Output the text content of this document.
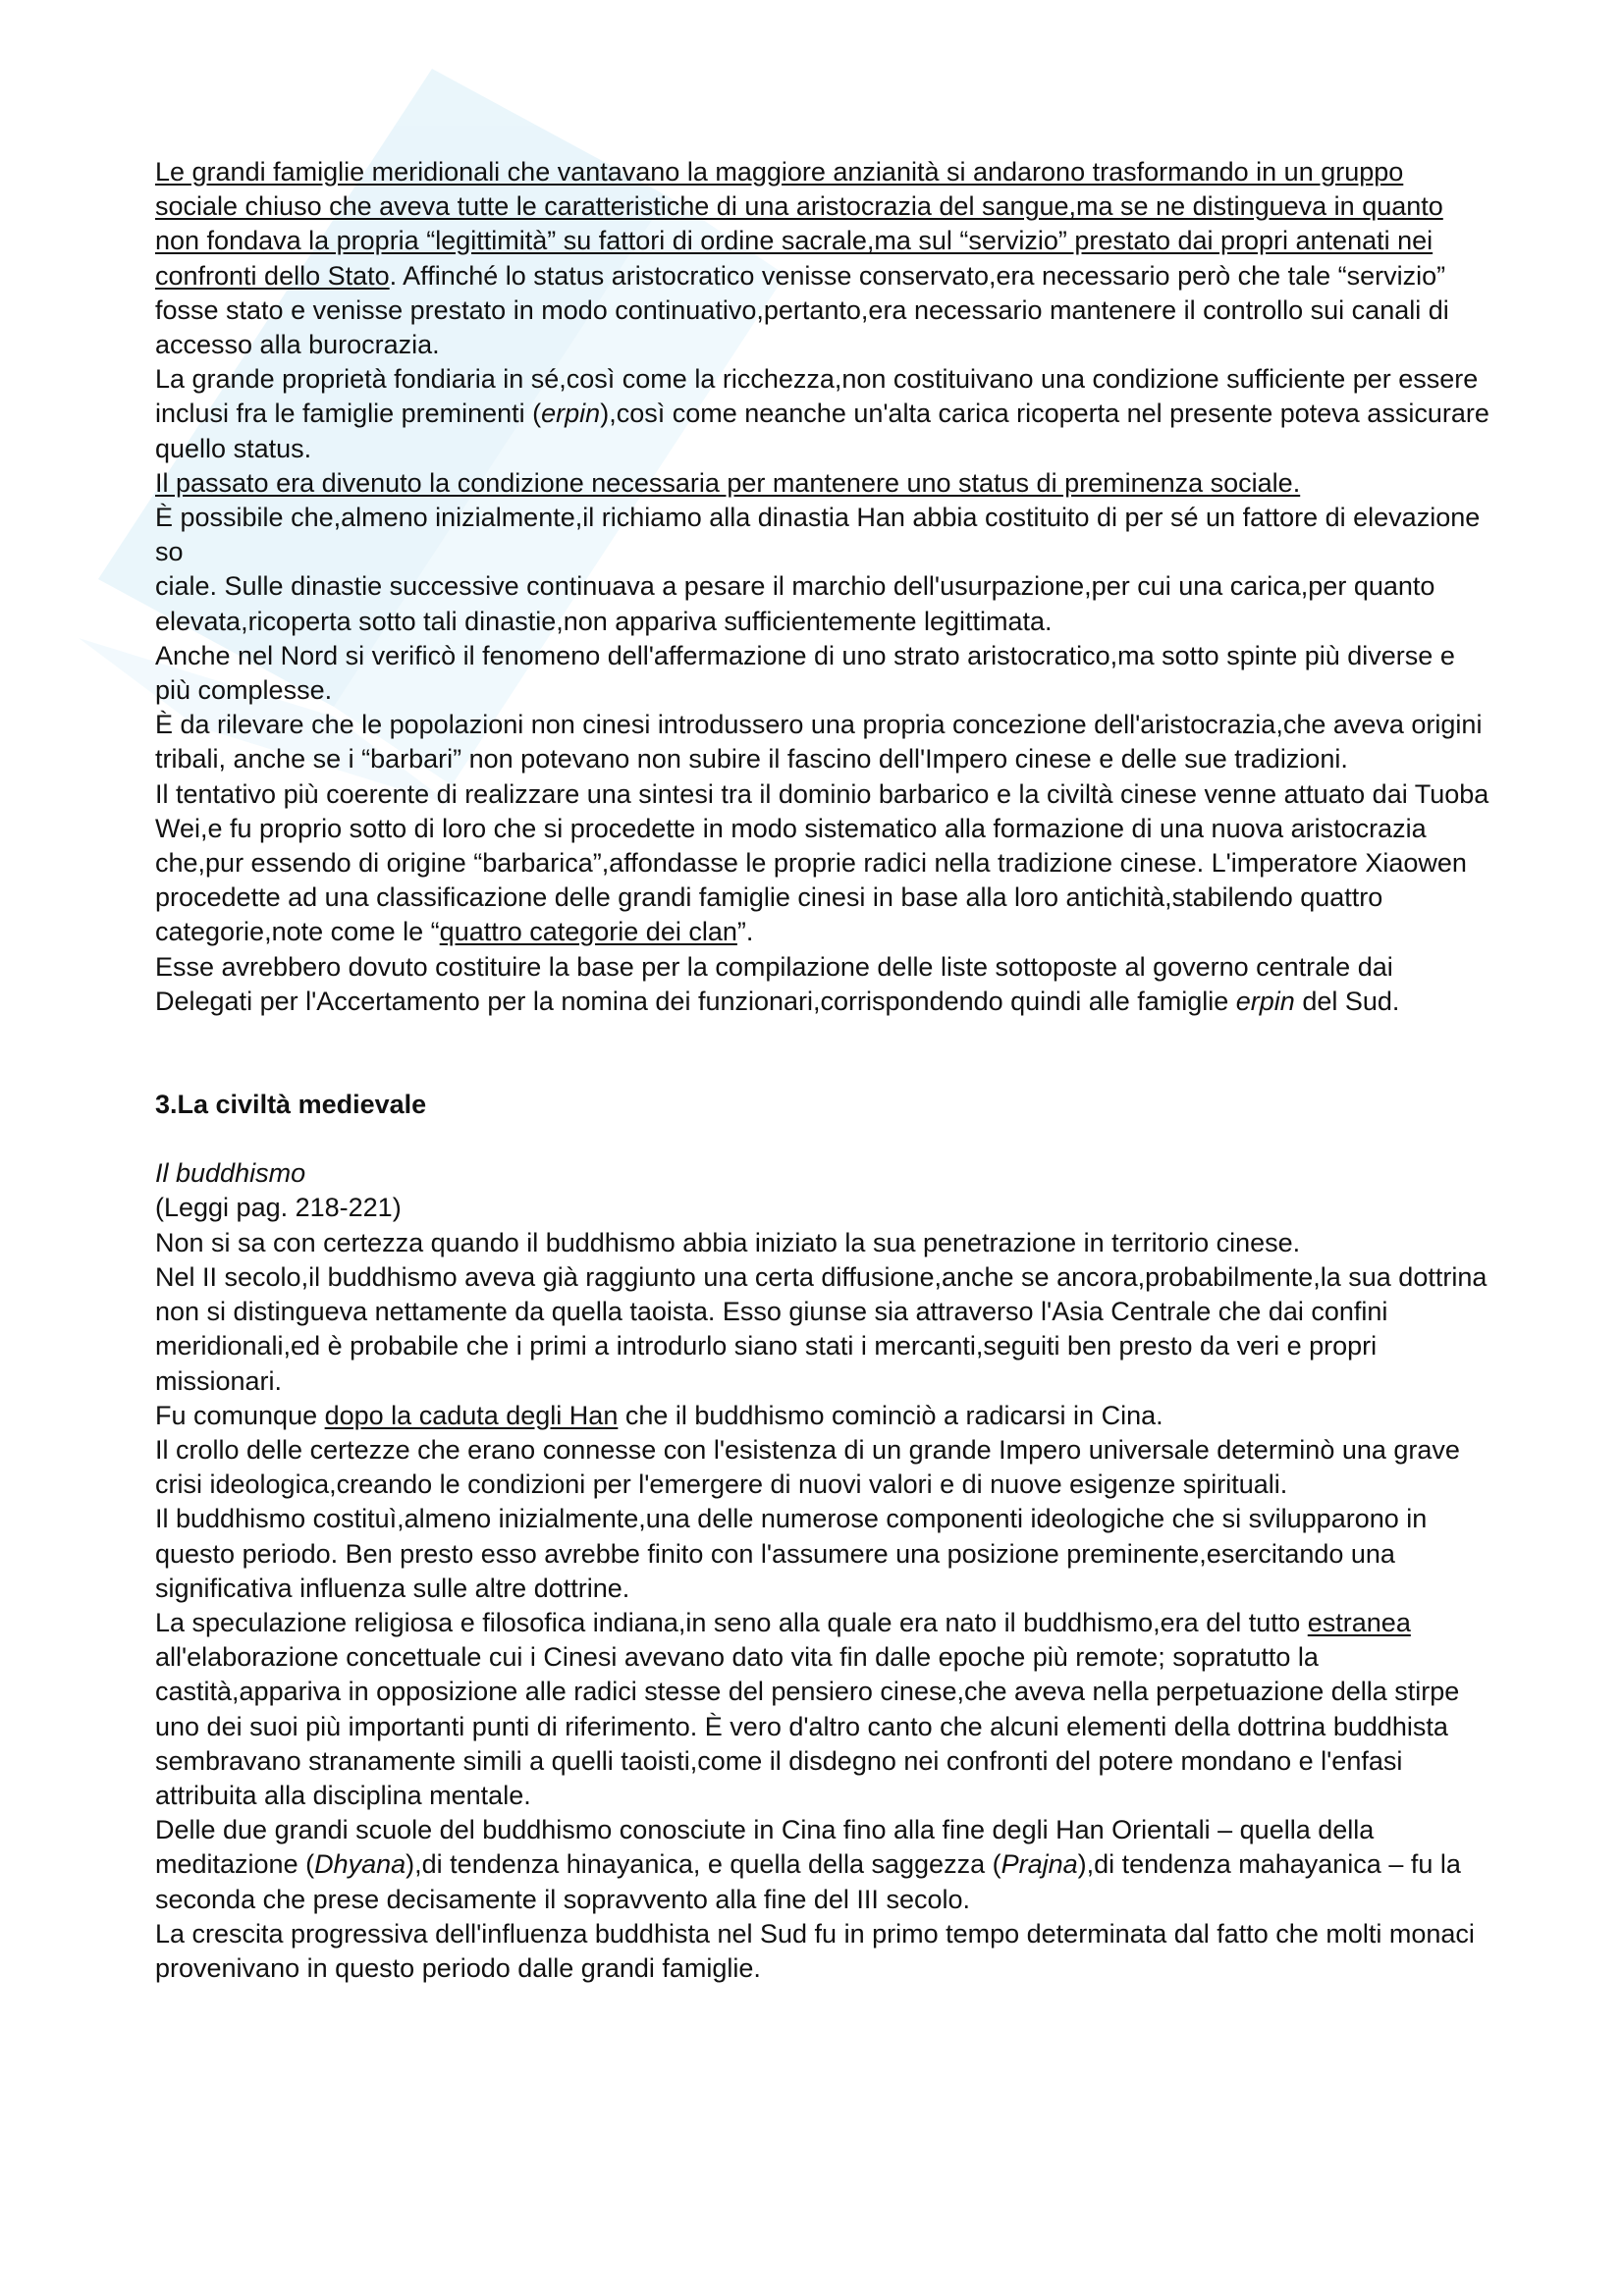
Le grandi famiglie meridionali che vantavano la maggiore anzianità si andarono trasformando in un gruppo sociale chiuso che aveva tutte le caratteristiche di una aristocrazia del sangue,ma se ne distingueva in quanto non fondava la propria “legittimità” su fattori di ordine sacrale,ma sul “servizio” prestato dai propri antenati nei confronti dello Stato. Affinché lo status aristocratico venisse conservato,era necessario però che tale “servizio” fosse stato e venisse prestato in modo continuativo,pertanto,era necessario mantenere il controllo sui canali di accesso alla burocrazia.

La grande proprietà fondiaria in sé,così come la ricchezza,non costituivano una condizione sufficiente per essere inclusi fra le famiglie preminenti (erpin),così come neanche un'alta carica ricoperta nel presente poteva assicurare quello status.

Il passato era divenuto la condizione necessaria per mantenere uno status di preminenza sociale.

È possibile che,almeno inizialmente,il richiamo alla dinastia Han abbia costituito di per sé un fattore di elevazione so

ciale. Sulle dinastie successive continuava a pesare il marchio dell'usurpazione,per cui una carica,per quanto elevata,ricoperta sotto tali dinastie,non appariva sufficientemente legittimata.

Anche nel Nord si verificò il fenomeno dell'affermazione di uno strato aristocratico,ma sotto spinte più diverse e più complesse.

È da rilevare che le popolazioni non cinesi introdussero una propria concezione dell'aristocrazia,che aveva origini tribali, anche se i “barbari” non potevano non subire il fascino dell'Impero cinese e delle sue tradizioni.

Il tentativo più coerente di realizzare una sintesi tra il dominio barbarico e la civiltà cinese venne attuato dai Tuoba Wei,e fu proprio sotto di loro che si procedette in modo sistematico alla formazione di una nuova aristocrazia che,pur essendo di origine “barbarica”,affondasse le proprie radici nella tradizione cinese. L'imperatore Xiaowen procedette ad una classificazione delle grandi famiglie cinesi in base alla loro antichità,stabilendo quattro categorie,note come le “quattro categorie dei clan”.

Esse avrebbero dovuto costituire la base per la compilazione delle liste sottoposte al governo centrale dai Delegati per l'Accertamento per la nomina dei funzionari,corrispondendo quindi alle famiglie erpin del Sud.

3.La civiltà medievale

Il buddhismo

(Leggi pag. 218-221)

Non si sa con certezza quando il buddhismo abbia iniziato la sua penetrazione in territorio cinese.

Nel II secolo,il buddhismo aveva già raggiunto una certa diffusione,anche se ancora,probabilmente,la sua dottrina non si distingueva nettamente da quella taoista. Esso giunse sia attraverso l'Asia Centrale che dai confini meridionali,ed è probabile che i primi a introdurlo siano stati i mercanti,seguiti ben presto da veri e propri missionari.

Fu comunque dopo la caduta degli Han che il buddhismo cominciò a radicarsi in Cina.

Il crollo delle certezze che erano connesse con l'esistenza di un grande Impero universale determinò una grave crisi ideologica,creando le condizioni per l'emergere di nuovi valori e di nuove esigenze spirituali.

Il buddhismo costituì,almeno inizialmente,una delle numerose componenti ideologiche che si svilupparono in questo periodo. Ben presto esso avrebbe finito con l'assumere una posizione preminente,esercitando una significativa influenza sulle altre dottrine.

La speculazione religiosa e filosofica indiana,in seno alla quale era nato il buddhismo,era del tutto estranea all'elaborazione concettuale cui i Cinesi avevano dato vita fin dalle epoche più remote; sopratutto la castità,appariva in opposizione alle radici stesse del pensiero cinese,che aveva nella perpetuazione della stirpe uno dei suoi più importanti punti di riferimento. È vero d'altro canto che alcuni elementi della dottrina buddhista sembravano stranamente simili a quelli taoisti,come il disdegno nei confronti del potere mondano e l'enfasi attribuita alla disciplina mentale.

Delle due grandi scuole del buddhismo conosciute in Cina fino alla fine degli Han Orientali – quella della meditazione (Dhyana),di tendenza hinayanica, e quella della saggezza (Prajna),di tendenza mahayanica – fu la seconda che prese decisamente il sopravvento alla fine del III secolo.

La crescita progressiva dell'influenza buddhista nel Sud fu in primo tempo determinata dal fatto che molti monaci provenivano in questo periodo dalle grandi famiglie.
